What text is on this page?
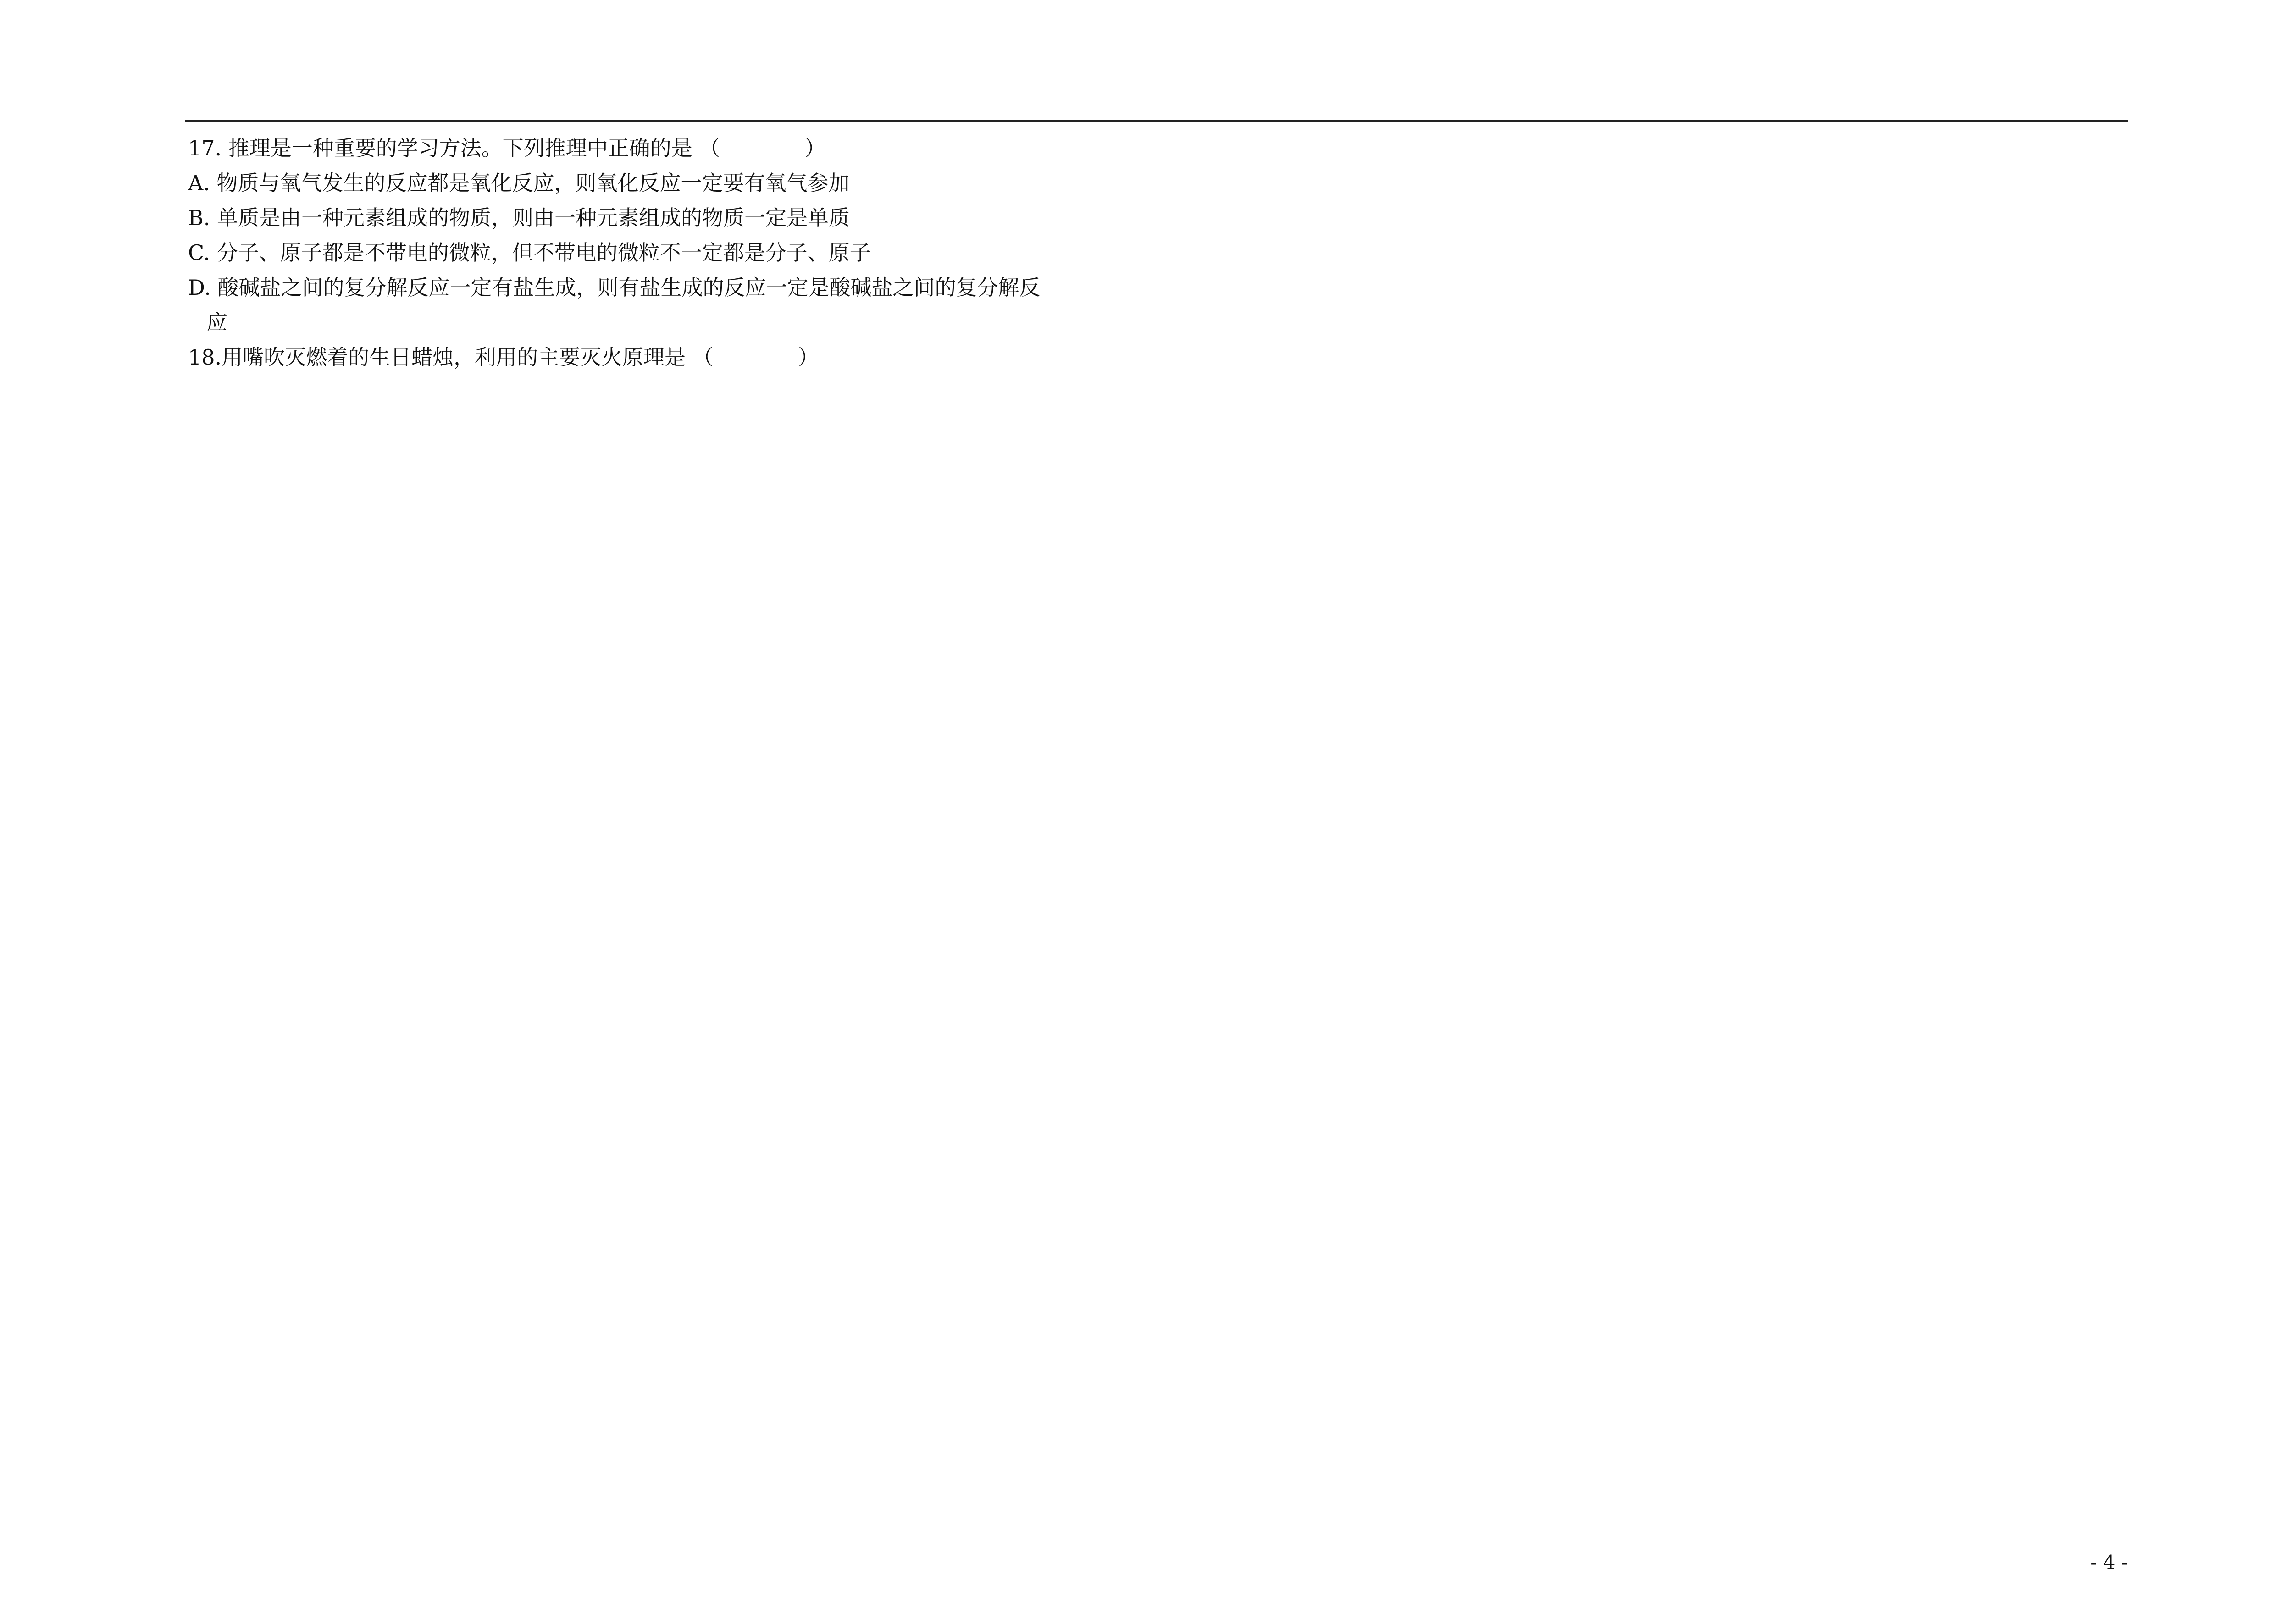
17. 推理是一种重要的学习方法。下列推理中正确的是 （　　　　）
A. 物质与氧气发生的反应都是氧化反应，则氧化反应一定要有氧气参加
B. 单质是由一种元素组成的物质，则由一种元素组成的物质一定是单质
C. 分子、原子都是不带电的微粒，但不带电的微粒不一定都是分子、原子
D. 酸碱盐之间的复分解反应一定有盐生成，则有盐生成的反应一定是酸碱盐之间的复分解反
应
18.用嘴吹灭燃着的生日蜡烛，利用的主要灭火原理是 （　　　　）
- 4 -
